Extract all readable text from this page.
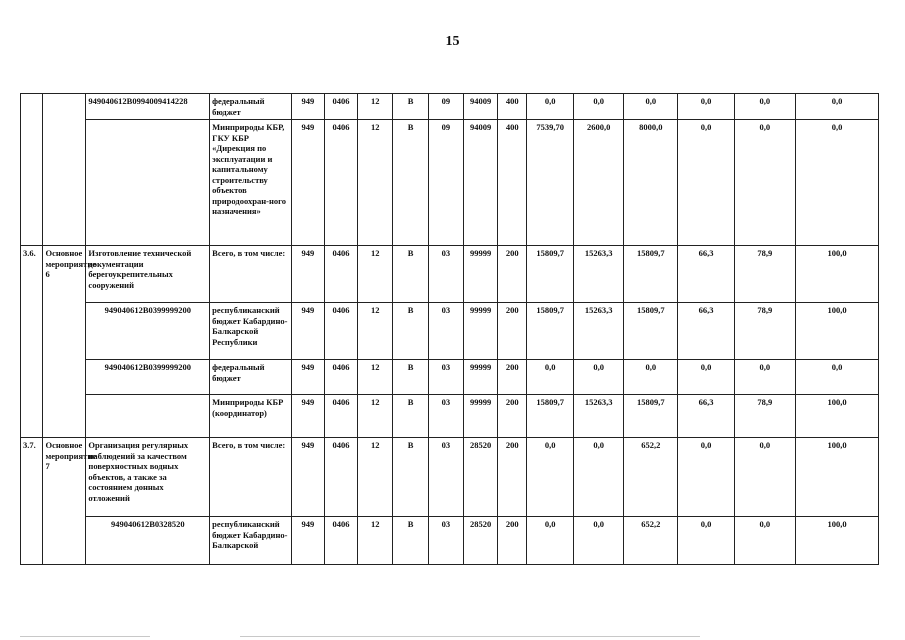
15
		949040612B0994009414228	федеральный бюджет	949	0406	12	В	09	94009	400	0,0	0,0	0,0	0,0	0,0	0,0
			Минприроды КБР, ГКУ КБР «Дирекция по эксплуатации и капитальному строительству объектов природоохран-ного назначения»	949	0406	12	В	09	94009	400	7539,70	2600,0	8000,0	0,0	0,0	0,0
3.6.	Основное мероприятие 6	Изготовление технической документации берегоукрепительных сооружений	Всего, в том числе:	949	0406	12	В	03	99999	200	15809,7	15263,3	15809,7	66,3	78,9	100,0
		949040612B0399999200	республиканский бюджет Кабардино-Балкарской Республики	949	0406	12	В	03	99999	200	15809,7	15263,3	15809,7	66,3	78,9	100,0
		949040612B0399999200	федеральный бюджет	949	0406	12	В	03	99999	200	0,0	0,0	0,0	0,0	0,0	0,0
			Минприроды КБР (координатор)	949	0406	12	В	03	99999	200	15809,7	15263,3	15809,7	66,3	78,9	100,0
3.7.	Основное мероприятие 7	Организация регулярных наблюдений за качеством поверхностных водных объектов, а также за состоянием донных отложений	Всего, в том числе:	949	0406	12	В	03	28520	200	0,0	0,0	652,2	0,0	0,0	100,0
		949040612B0328520	республиканский бюджет Кабардино-Балкарской	949	0406	12	В	03	28520	200	0,0	0,0	652,2	0,0	0,0	100,0
